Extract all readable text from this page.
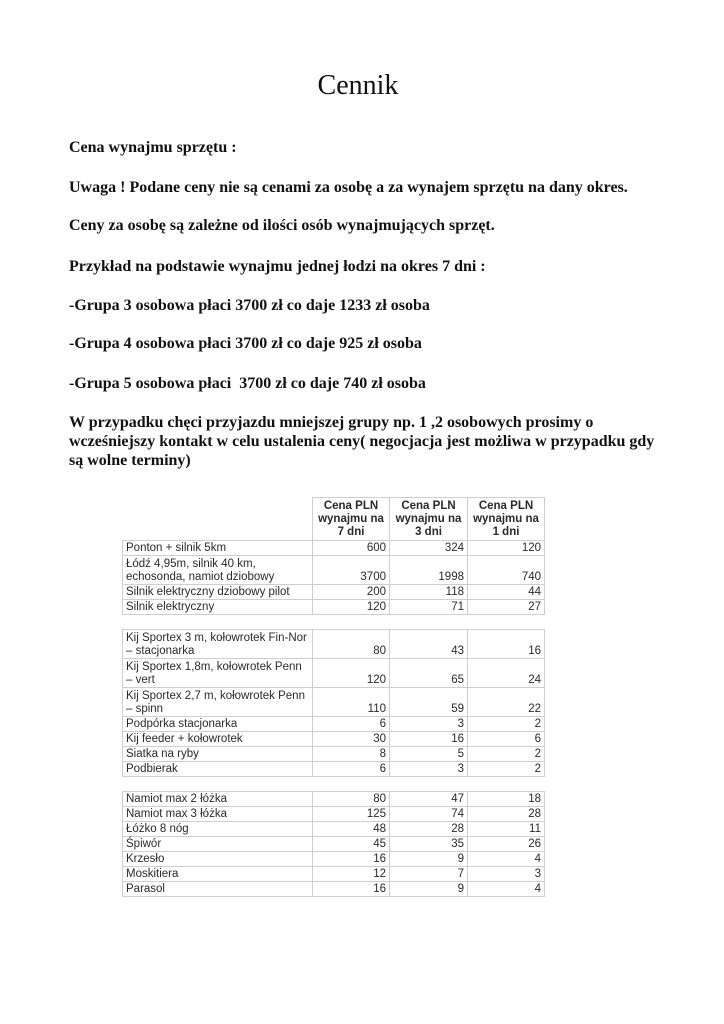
Cennik
Cena wynajmu sprzętu :
Uwaga ! Podane ceny nie są cenami za osobę a za wynajem sprzętu na dany okres.
Ceny za osobę są zależne od ilości osób wynajmujących sprzęt.
Przykład na podstawie wynajmu jednej łodzi na okres 7 dni :
-Grupa 3 osobowa płaci 3700 zł co daje 1233 zł osoba
-Grupa 4 osobowa płaci 3700 zł co daje 925 zł osoba
-Grupa 5 osobowa płaci  3700 zł co daje 740 zł osoba
W przypadku chęci przyjazdu mniejszej grupy np. 1 ,2 osobowych prosimy o wcześniejszy kontakt w celu ustalenia ceny( negocjacja jest możliwa w przypadku gdy są wolne terminy)
	Cena PLN wynajmu na 7 dni	Cena PLN wynajmu na 3 dni	Cena PLN wynajmu na 1 dni
Ponton + silnik 5km	600	324	120
Łódź 4,95m, silnik 40 km, echosonda, namiot dziobowy	3700	1998	740
Silnik elektryczny dziobowy pilot	200	118	44
Silnik elektryczny	120	71	27

Kij Sportex 3 m, kołowrotek Fin-Nor – stacjonarka	80	43	16
Kij Sportex 1,8m, kołowrotek Penn – vert	120	65	24
Kij Sportex 2,7 m, kołowrotek Penn – spinn	110	59	22
Podpórka stacjonarka	6	3	2
Kij feeder + kołowrotek	30	16	6
Siatka na ryby	8	5	2
Podbierak	6	3	2

Namiot max 2 łóżka	80	47	18
Namiot max 3 łóżka	125	74	28
Łóżko 8 nóg	48	28	11
Śpiwór	45	35	26
Krzesło	16	9	4
Moskitiera	12	7	3
Parasol	16	9	4
